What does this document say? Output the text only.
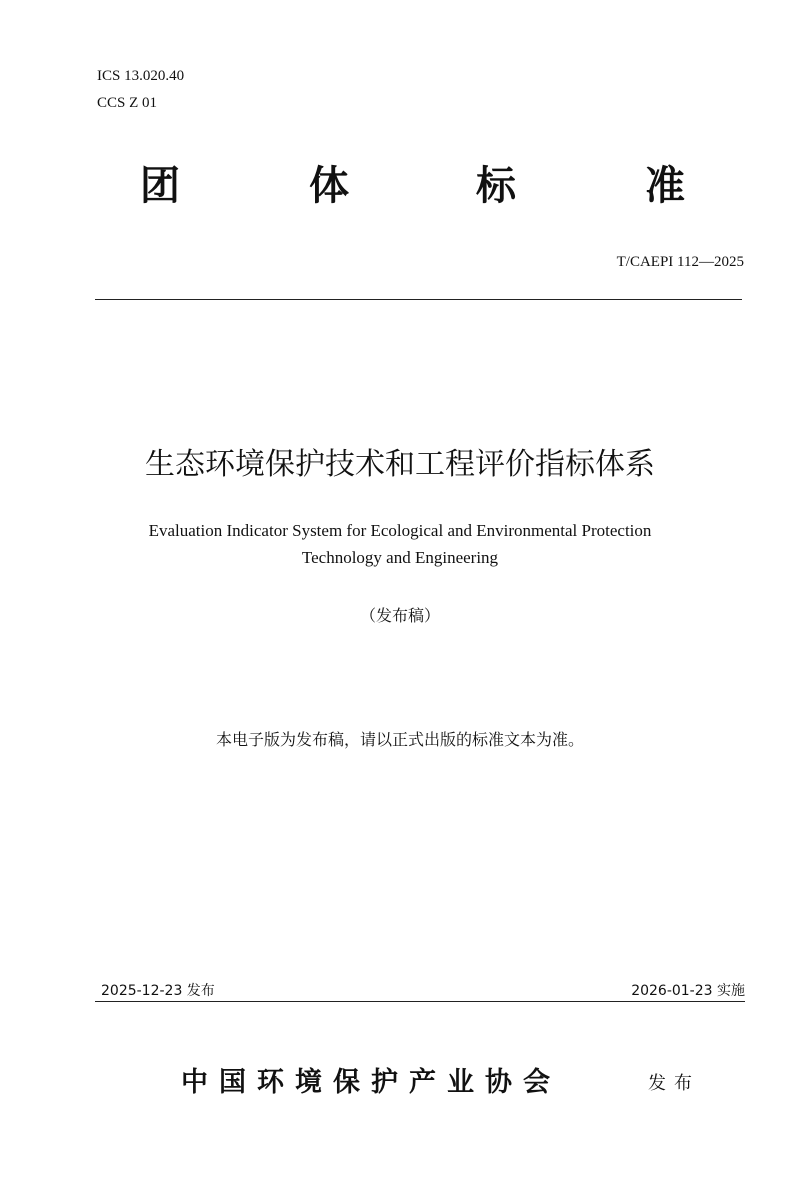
ICS 13.020.40
CCS Z 01
团	体	标	准
T/CAEPI 112—2025
生态环境保护技术和工程评价指标体系
Evaluation Indicator System for Ecological and Environmental Protection
Technology and Engineering
（发布稿）
本电子版为发布稿，请以正式出版的标准文本为准。
2025-12-23 发布	2026-01-23 实施
中国环境保护产业协会	发布
